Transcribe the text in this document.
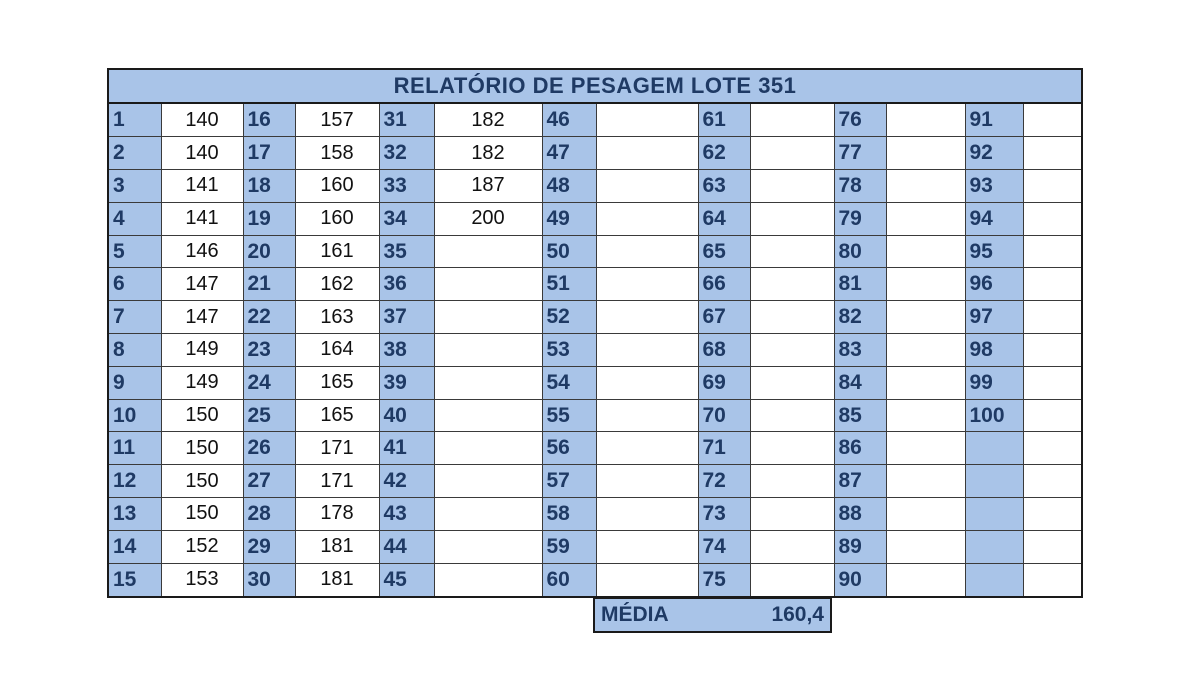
RELATÓRIO DE PESAGEM LOTE 351
1	140	16	157	31	182	46		61		76		91	
2	140	17	158	32	182	47		62		77		92	
3	141	18	160	33	187	48		63		78		93	
4	141	19	160	34	200	49		64		79		94	
5	146	20	161	35		50		65		80		95	
6	147	21	162	36		51		66		81		96	
7	147	22	163	37		52		67		82		97	
8	149	23	164	38		53		68		83		98	
9	149	24	165	39		54		69		84		99	
10	150	25	165	40		55		70		85		100	
11	150	26	171	41		56		71		86			
12	150	27	171	42		57		72		87			
13	150	28	178	43		58		73		88			
14	152	29	181	44		59		74		89			
15	153	30	181	45		60		75		90			
MÉDIA	160,4
